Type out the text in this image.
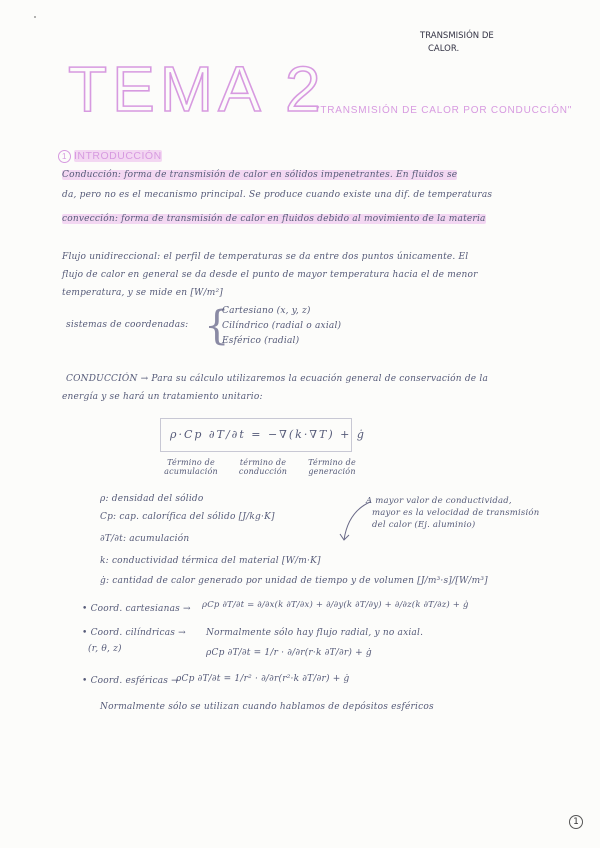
TRANSMISIÓN DE
CALOR.
TEMA 2
"TRANSMISIÓN DE CALOR POR CONDUCCIÓN"
1 INTRODUCCIÓN
Conducción: forma de transmisión de calor en sólidos impenetrantes. En fluidos se
da, pero no es el mecanismo principal. Se produce cuando existe una dif. de temperaturas
convección: forma de transmisión de calor en fluidos debido al movimiento de la materia
Flujo unidireccional: el perfil de temperaturas se da entre dos puntos únicamente. El
flujo de calor en general se da desde el punto de mayor temperatura hacia el de menor
temperatura, y se mide en [W/m²]
sistemas de coordenadas: {
Cartesiano (x, y, z)
Cilíndrico (radial o axial)
Esférico (radial)
CONDUCCIÓN → Para su cálculo utilizaremos la ecuación general de conservación de la
energía y se hará un tratamiento unitario:
ρ·Cp ∂T/∂t = −∇(k·∇T) + ġ
Término de acumulación
término de conducción
Término de generación
ρ: densidad del sólido
Cp: cap. calorífica del sólido [J/kg·K]
∂T/∂t: acumulación
k: conductividad térmica del material [W/m·K]
ġ: cantidad de calor generado por unidad de tiempo y de volumen [J/m³·s]/[W/m³]
A mayor valor de conductividad,
mayor es la velocidad de transmisión
del calor (Ej. aluminio)
• Coord. cartesianas → ρCp ∂T/∂t = ∂/∂x(k ∂T/∂x) + ∂/∂y(k ∂T/∂y) + ∂/∂z(k ∂T/∂z) + ġ
• Coord. cilíndricas → Normalmente sólo hay flujo radial, y no axial.
(r, θ, z)	ρCp ∂T/∂t = 1/r · ∂/∂r(r·k ∂T/∂r) + ġ
• Coord. esféricas →
ρCp ∂T/∂t = 1/r² · ∂/∂r(r²·k ∂T/∂r) + ġ
Normalmente sólo se utilizan cuando hablamos de depósitos esféricos
1
